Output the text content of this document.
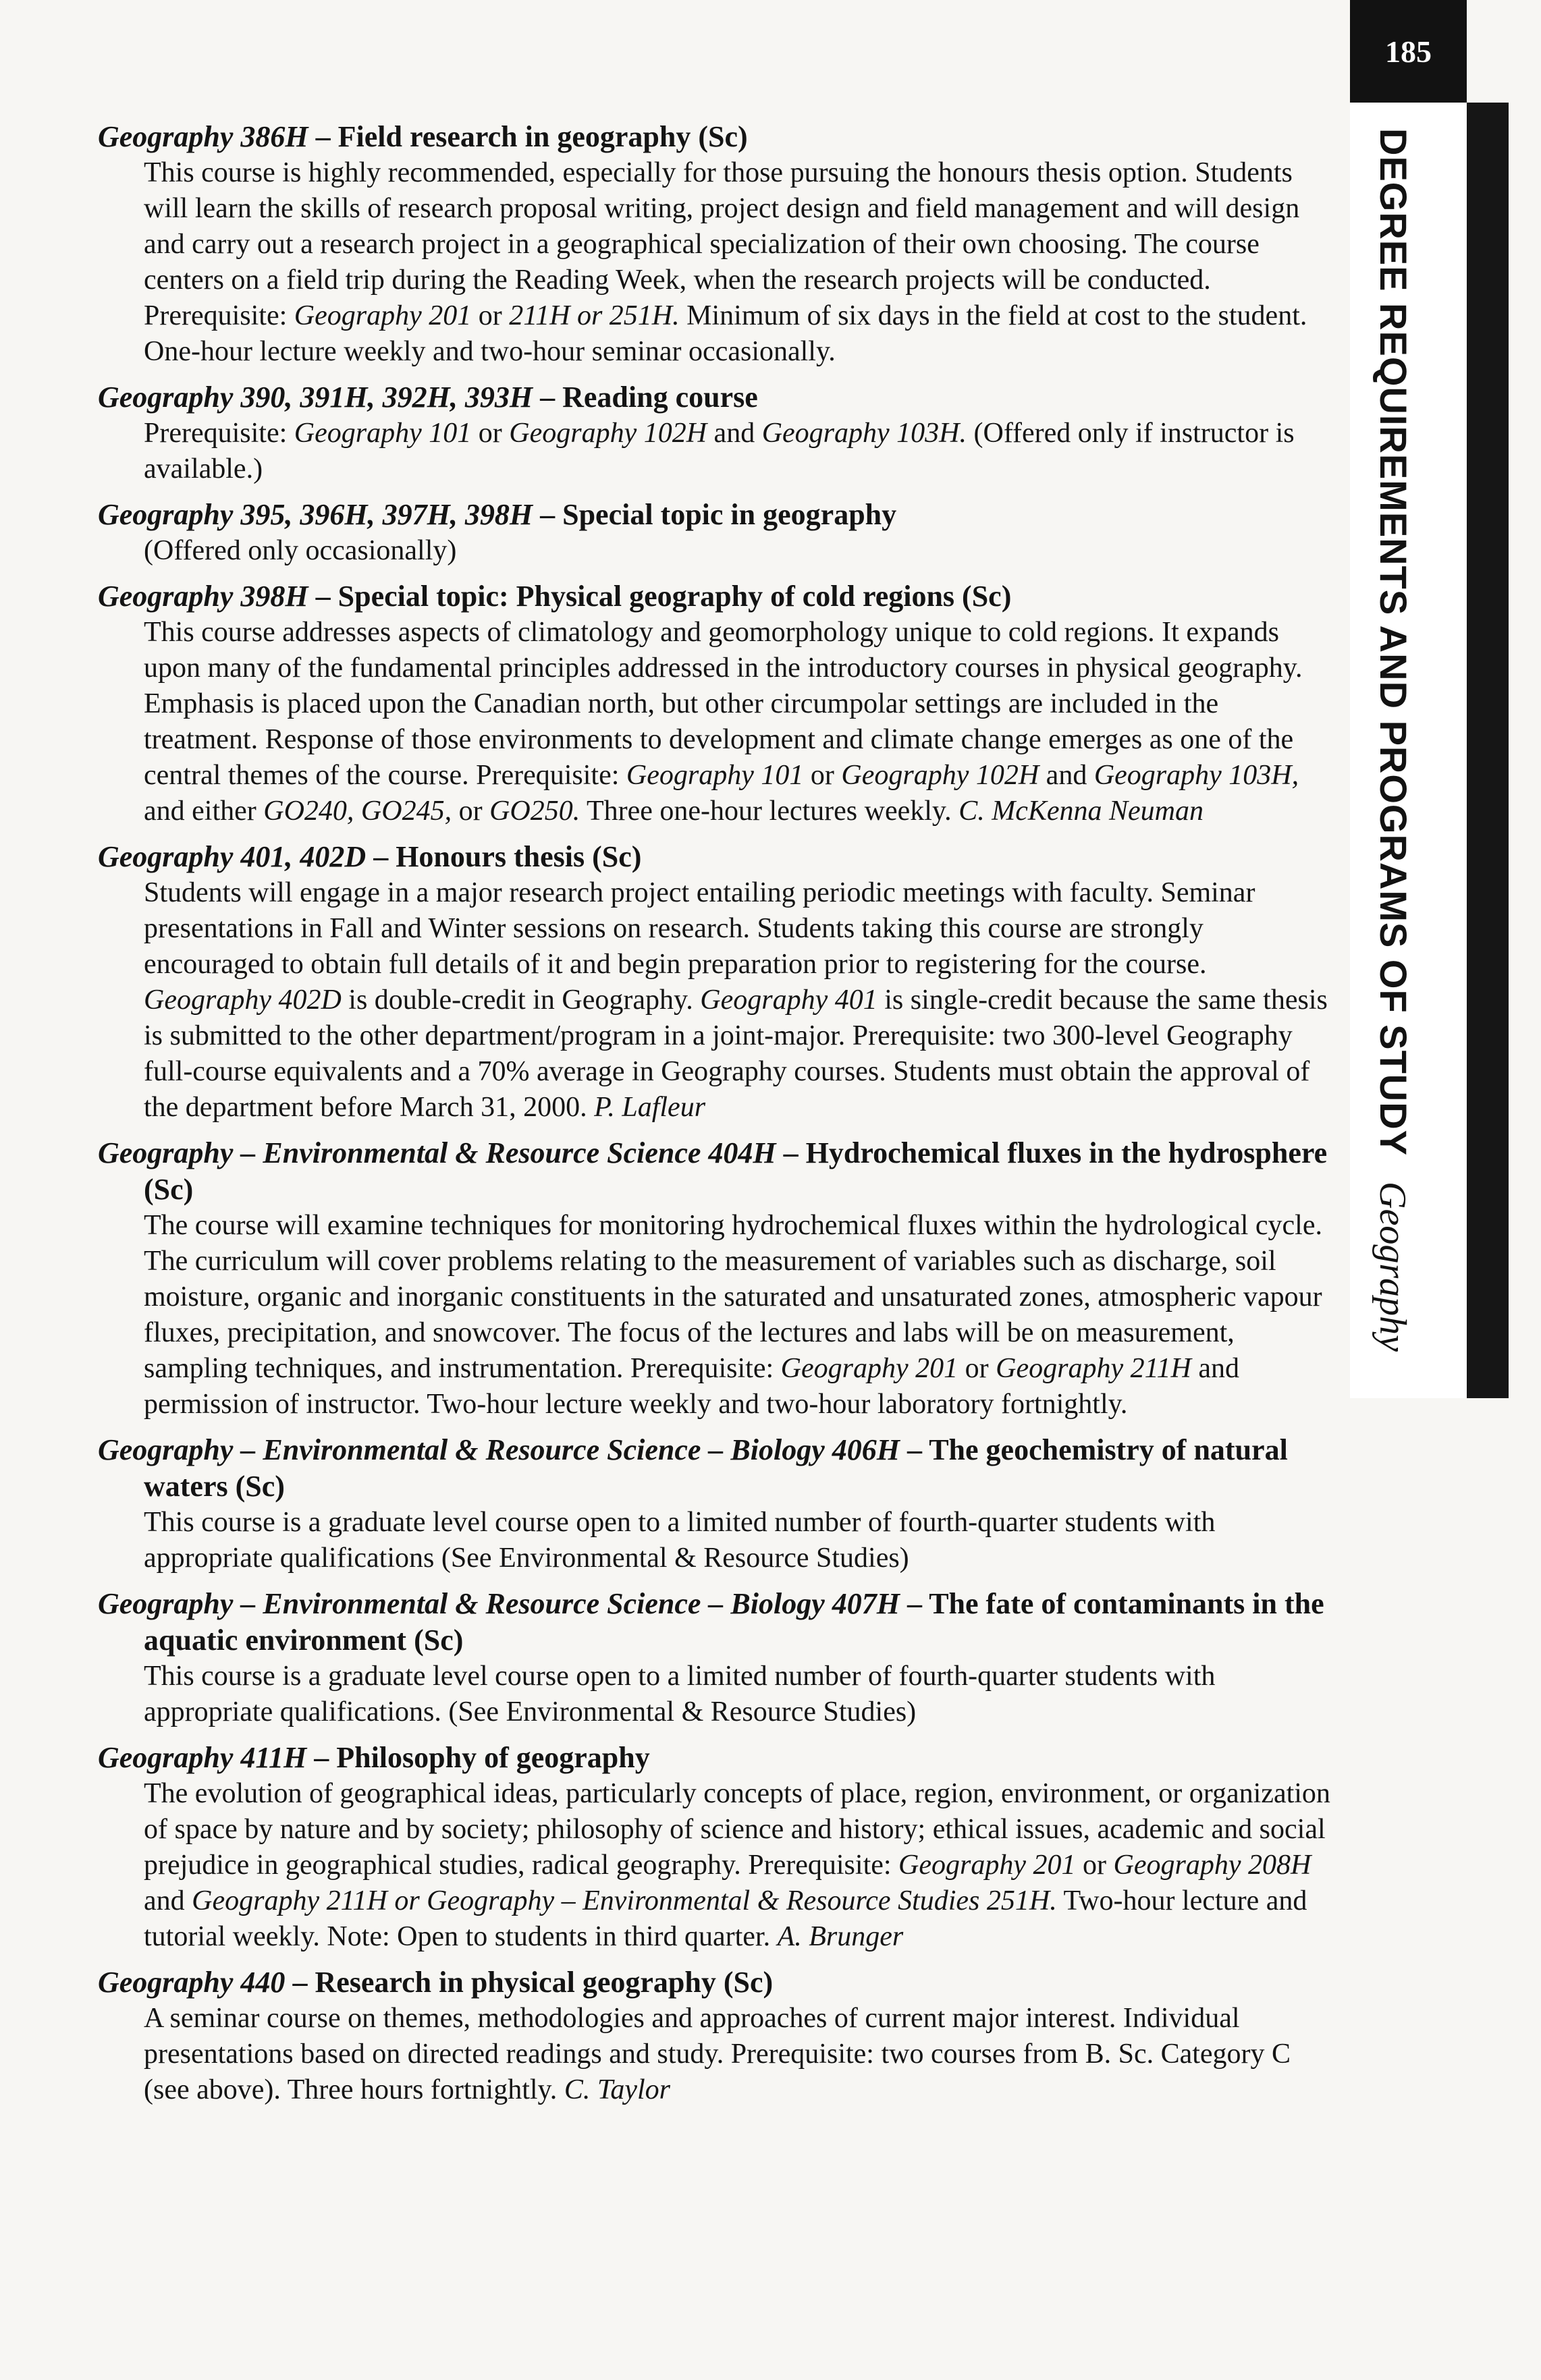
185
DEGREE REQUIREMENTS AND PROGRAMS OF STUDYGeography
Geography 386H – Field research in geography (Sc)
This course is highly recommended, especially for those pursuing the honours thesis option. Students will learn the skills of research proposal writing, project design and field management and will design and carry out a research project in a geographical specialization of their own choosing. The course centers on a field trip during the Reading Week, when the research projects will be conducted. Prerequisite: Geography 201 or 211H or 251H. Minimum of six days in the field at cost to the student. One-hour lecture weekly and two-hour seminar occasionally.
Geography 390, 391H, 392H, 393H – Reading course
Prerequisite: Geography 101 or Geography 102H and Geography 103H. (Offered only if instructor is available.)
Geography 395, 396H, 397H, 398H – Special topic in geography
(Offered only occasionally)
Geography 398H – Special topic: Physical geography of cold regions (Sc)
This course addresses aspects of climatology and geomorphology unique to cold regions. It expands upon many of the fundamental principles addressed in the introductory courses in physical geography. Emphasis is placed upon the Canadian north, but other circumpolar settings are included in the treatment. Response of those environments to development and climate change emerges as one of the central themes of the course. Prerequisite: Geography 101 or Geography 102H and Geography 103H, and either GO240, GO245, or GO250. Three one-hour lectures weekly. C. McKenna Neuman
Geography 401, 402D – Honours thesis (Sc)
Students will engage in a major research project entailing periodic meetings with faculty. Seminar presentations in Fall and Winter sessions on research. Students taking this course are strongly encouraged to obtain full details of it and begin preparation prior to registering for the course. Geography 402D is double-credit in Geography. Geography 401 is single-credit because the same thesis is submitted to the other department/program in a joint-major. Prerequisite: two 300-level Geography full-course equivalents and a 70% average in Geography courses. Students must obtain the approval of the department before March 31, 2000. P. Lafleur
Geography – Environmental & Resource Science 404H – Hydrochemical fluxes in the hydrosphere (Sc)
The course will examine techniques for monitoring hydrochemical fluxes within the hydrological cycle. The curriculum will cover problems relating to the measurement of variables such as discharge, soil moisture, organic and inorganic constituents in the saturated and unsaturated zones, atmospheric vapour fluxes, precipitation, and snowcover. The focus of the lectures and labs will be on measurement, sampling techniques, and instrumentation. Prerequisite: Geography 201 or Geography 211H and permission of instructor. Two-hour lecture weekly and two-hour laboratory fortnightly.
Geography – Environmental & Resource Science – Biology 406H – The geochemistry of natural waters (Sc)
This course is a graduate level course open to a limited number of fourth-quarter students with appropriate qualifications (See Environmental & Resource Studies)
Geography – Environmental & Resource Science – Biology 407H – The fate of contaminants in the aquatic environment (Sc)
This course is a graduate level course open to a limited number of fourth-quarter students with appropriate qualifications. (See Environmental & Resource Studies)
Geography 411H – Philosophy of geography
The evolution of geographical ideas, particularly concepts of place, region, environment, or organization of space by nature and by society; philosophy of science and history; ethical issues, academic and social prejudice in geographical studies, radical geography. Prerequisite: Geography 201 or Geography 208H and Geography 211H or Geography – Environmental & Resource Studies 251H. Two-hour lecture and tutorial weekly. Note: Open to students in third quarter. A. Brunger
Geography 440 – Research in physical geography (Sc)
A seminar course on themes, methodologies and approaches of current major interest. Individual presentations based on directed readings and study. Prerequisite: two courses from B. Sc. Category C (see above). Three hours fortnightly. C. Taylor
